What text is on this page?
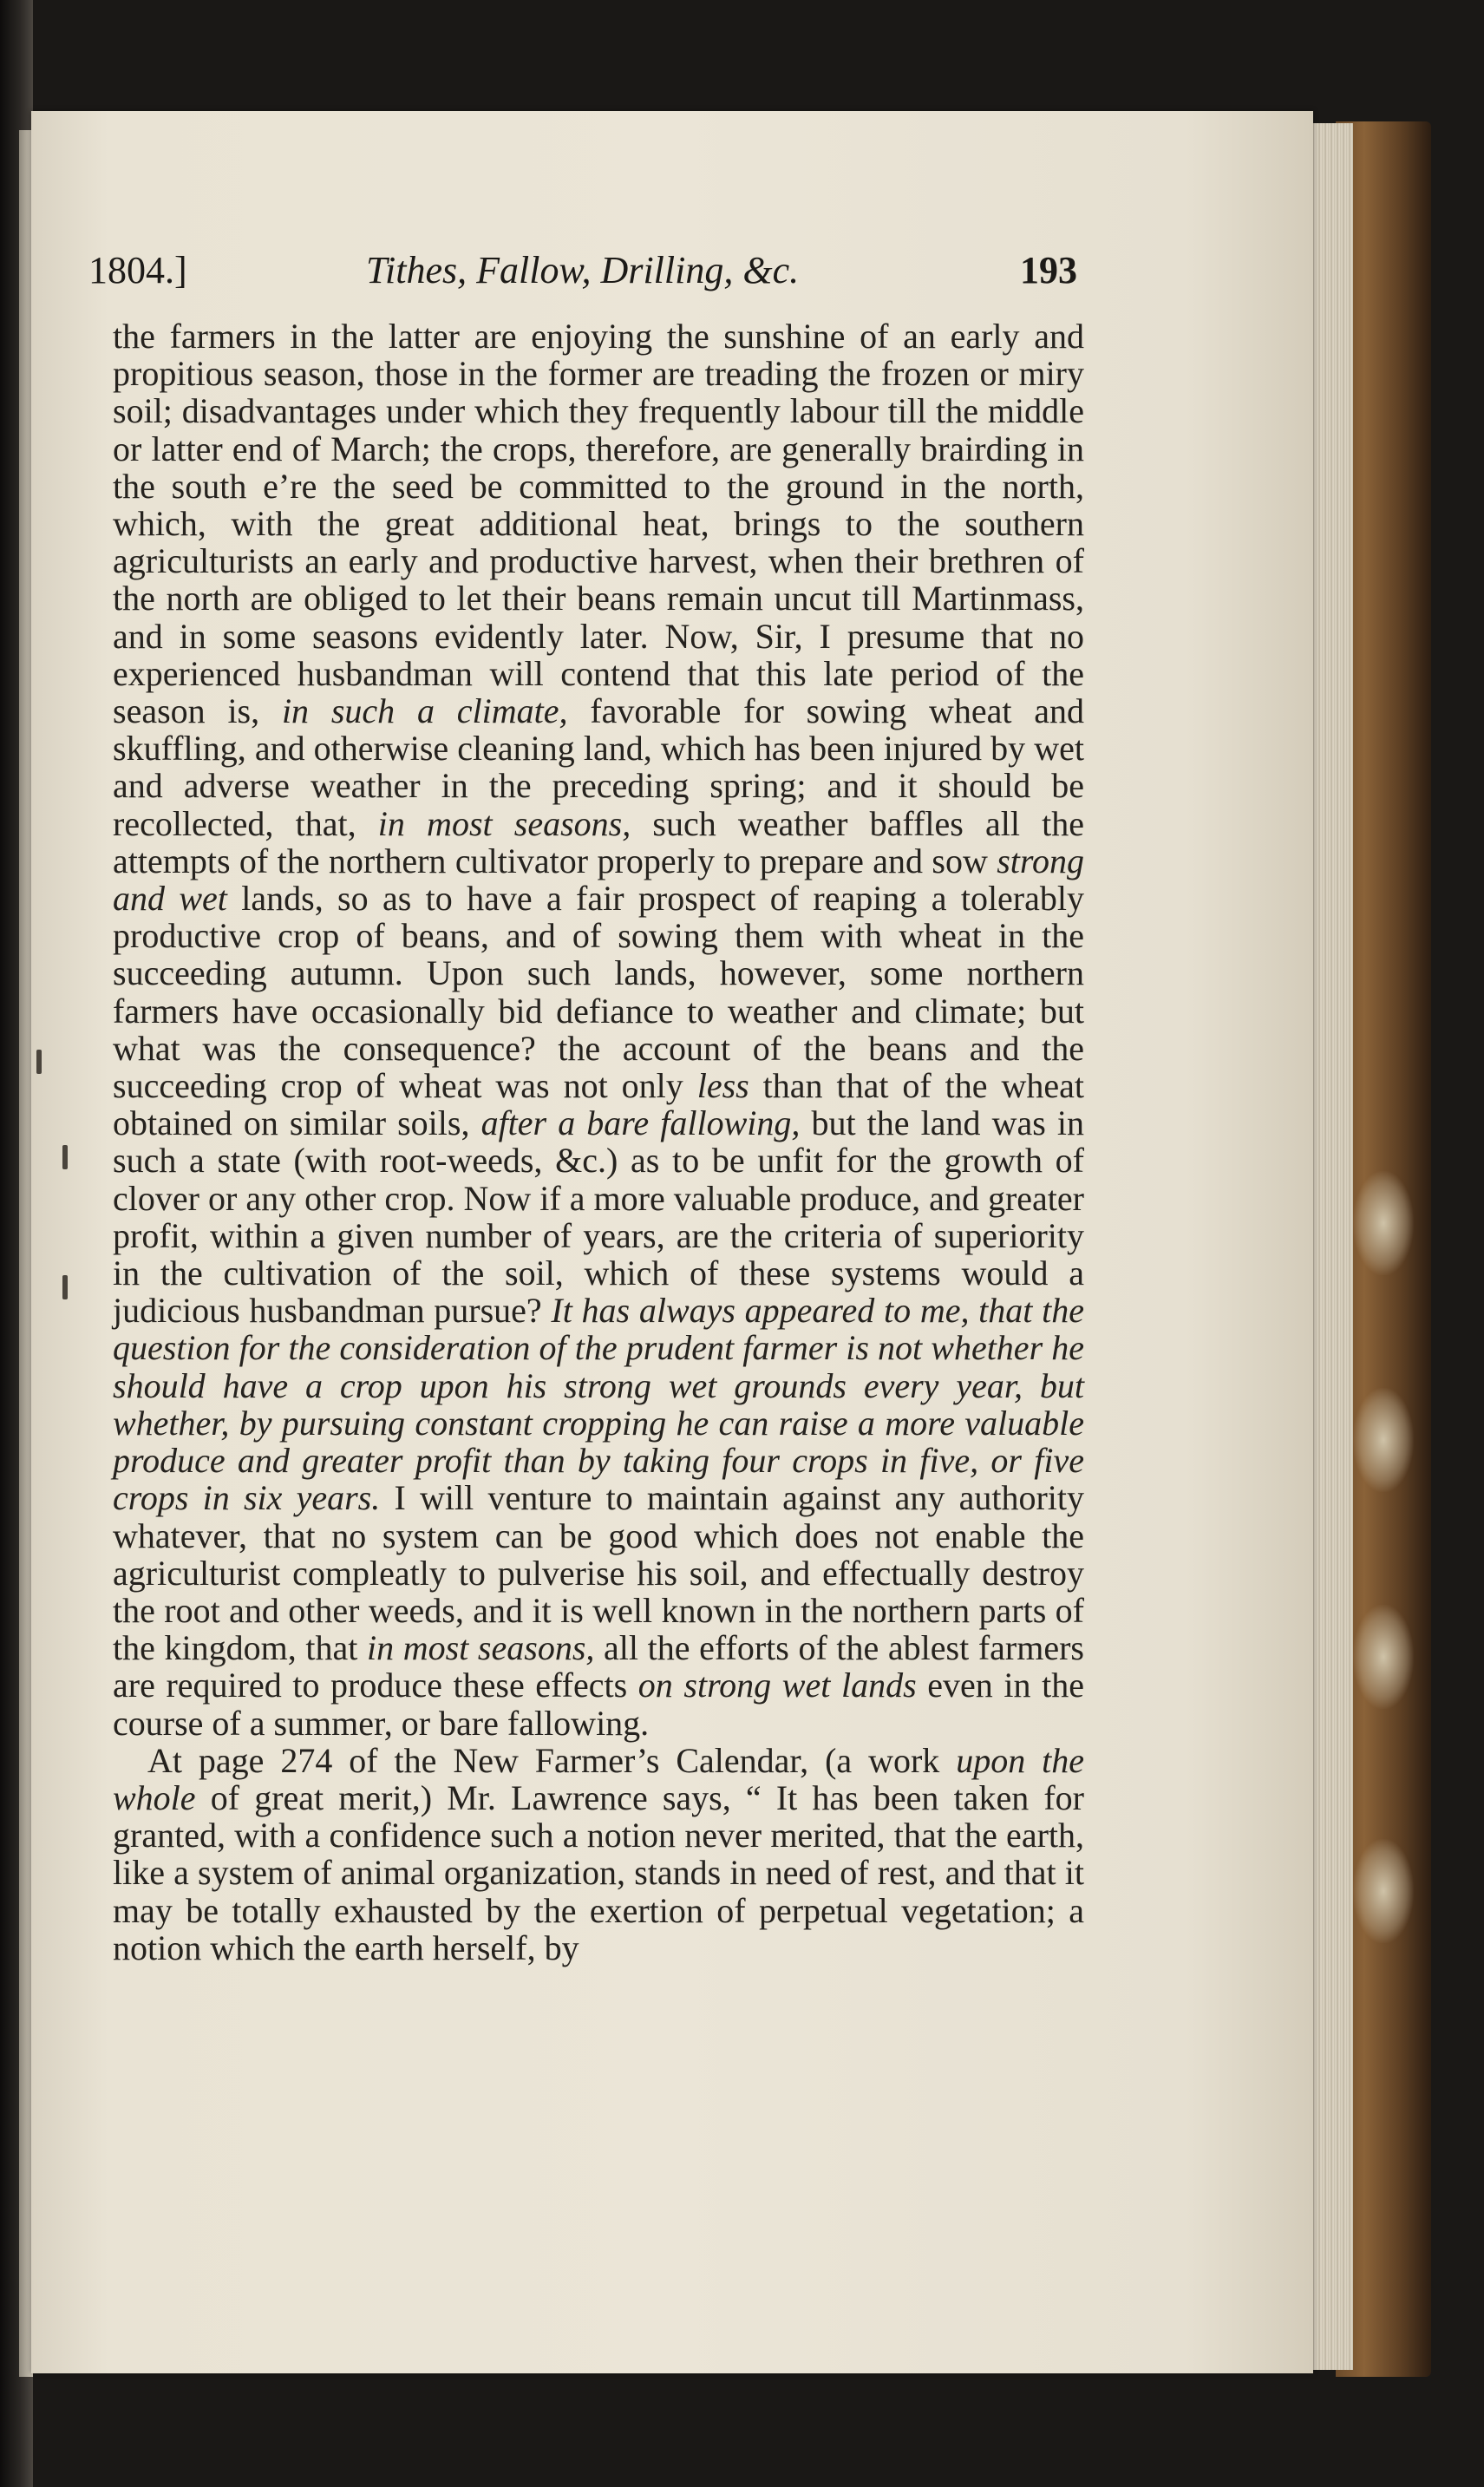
1804.]	Tithes, Fallow, Drilling, &c.	193

the farmers in the latter are enjoying the sunshine of an early and propitious season, those in the former are treading the frozen or miry soil; disadvantages under which they frequently labour till the middle or latter end of March; the crops, therefore, are generally brairding in the south e’re the seed be committed to the ground in the north, which, with the great additional heat, brings to the southern agriculturists an early and productive harvest, when their brethren of the north are obliged to let their beans remain uncut till Martinmass, and in some seasons evidently later. Now, Sir, I presume that no experienced husbandman will contend that this late period of the season is, in such a climate, favorable for sowing wheat and skuffling, and otherwise cleaning land, which has been injured by wet and adverse weather in the preceding spring; and it should be recollected, that, in most seasons, such weather baffles all the attempts of the northern cultivator properly to prepare and sow strong and wet lands, so as to have a fair prospect of reaping a tolerably productive crop of beans, and of sowing them with wheat in the succeeding autumn. Upon such lands, however, some northern farmers have occasionally bid defiance to weather and climate; but what was the consequence? the account of the beans and the succeeding crop of wheat was not only less than that of the wheat obtained on similar soils, after a bare fallowing, but the land was in such a state (with root-weeds, &c.) as to be unfit for the growth of clover or any other crop. Now if a more valuable produce, and greater profit, within a given number of years, are the criteria of superiority in the cultivation of the soil, which of these systems would a judicious husbandman pursue? It has always appeared to me, that the question for the consideration of the prudent farmer is not whether he should have a crop upon his strong wet grounds every year, but whether, by pursuing constant cropping he can raise a more valuable produce and greater profit than by taking four crops in five, or five crops in six years. I will venture to maintain against any authority whatever, that no system can be good which does not enable the agriculturist compleatly to pulverise his soil, and effectually destroy the root and other weeds, and it is well known in the northern parts of the kingdom, that in most seasons, all the efforts of the ablest farmers are required to produce these effects on strong wet lands even in the course of a summer, or bare fallowing.

At page 274 of the New Farmer’s Calendar, (a work upon the whole of great merit,) Mr. Lawrence says, “ It has been taken for granted, with a confidence such a notion never merited, that the earth, like a system of animal organization, stands in need of rest, and that it may be totally exhausted by the exertion of perpetual vegetation; a notion which the earth herself, by
